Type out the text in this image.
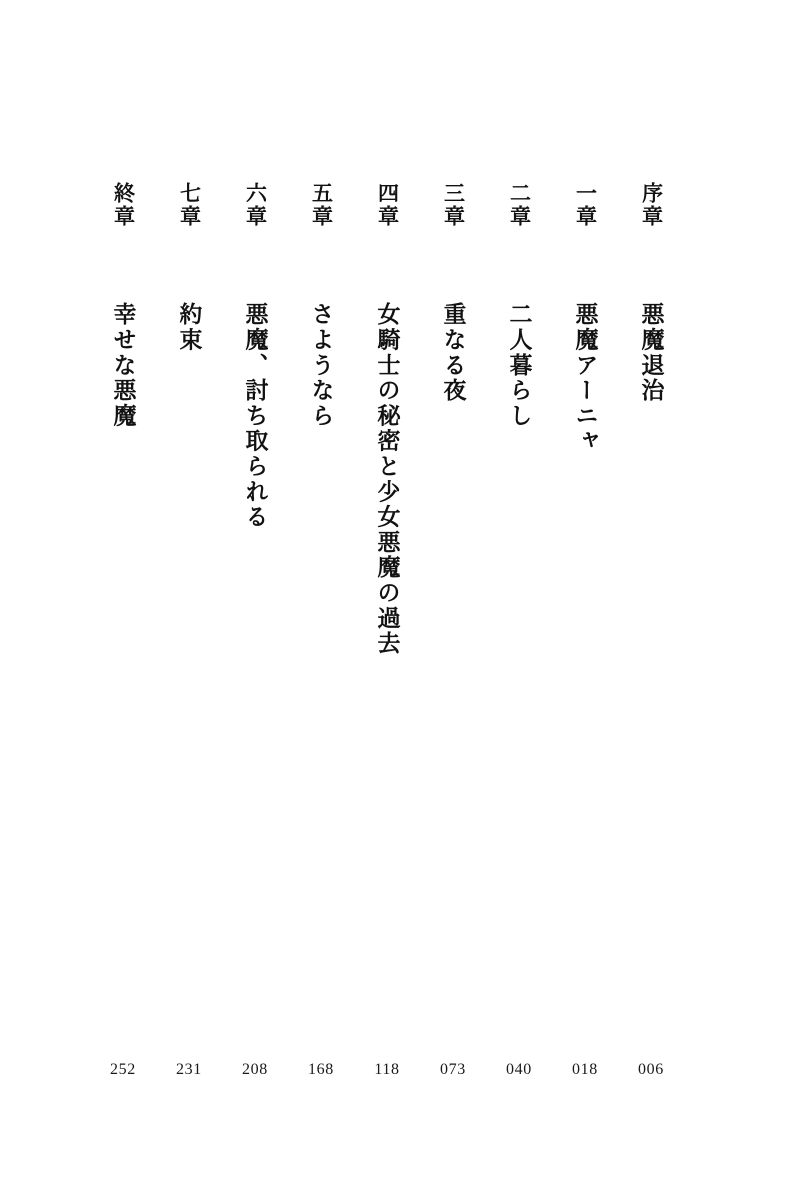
序章
悪魔退治
一章
悪魔アーニャ
二章
二人暮らし
三章
重なる夜
四章
女騎士の秘密と少女悪魔の過去
五章
さようなら
六章
悪魔、討ち取られる
七章
約束
終章
幸せな悪魔
006
018
040
073
118
168
208
231
252
